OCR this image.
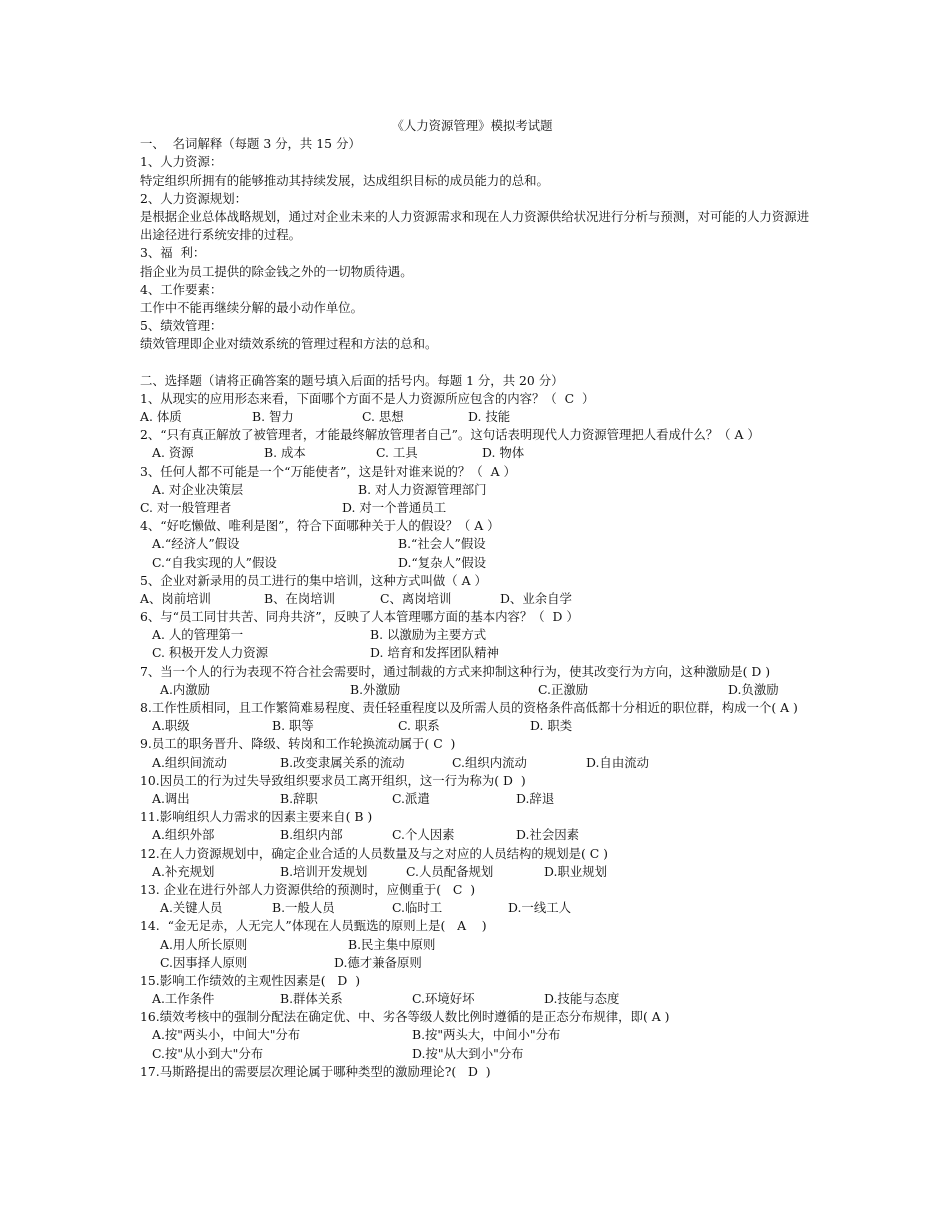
《人力资源管理》模拟考试题
一、  名词解释（每题 3 分，共 15 分）
1、人力资源：
特定组织所拥有的能够推动其持续发展，达成组织目标的成员能力的总和。
2、人力资源规划：
是根据企业总体战略规划，通过对企业未来的人力资源需求和现在人力资源供给状况进行分析与预测，对可能的人力资源进出途径进行系统安排的过程。
3、福  利：
指企业为员工提供的除金钱之外的一切物质待遇。
4、工作要素：
工作中不能再继续分解的最小动作单位。
5、绩效管理：
绩效管理即企业对绩效系统的管理过程和方法的总和。
二、选择题（请将正确答案的题号填入后面的括号内。每题 1 分，共 20 分）
1、从现实的应用形态来看，下面哪个方面不是人力资源所应包含的内容？（  C  ）
A. 体质	B. 智力	C. 思想	D. 技能
2、“只有真正解放了被管理者，才能最终解放管理者自己”。这句话表明现代人力资源管理把人看成什么？（ A ）
A. 资源	B. 成本	C. 工具	D. 物体
3、任何人都不可能是一个“万能使者”，这是针对谁来说的？（  A ）
A. 对企业决策层	B. 对人力资源管理部门
C. 对一般管理者	D. 对一个普通员工
4、“好吃懒做、唯利是图”，符合下面哪种关于人的假设？（ A ）
A.“经济人”假设	B.“社会人”假设
C.“自我实现的人”假设	D.“复杂人”假设
5、企业对新录用的员工进行的集中培训，这种方式叫做（ A ）
A、岗前培训	B、在岗培训	C、离岗培训	D、业余自学
6、与“员工同甘共苦、同舟共济”，反映了人本管理哪方面的基本内容？（  D ）
A. 人的管理第一	B. 以激励为主要方式
C. 积极开发人力资源	D. 培育和发挥团队精神
7、当一个人的行为表现不符合社会需要时，通过制裁的方式来抑制这种行为，使其改变行为方向，这种激励是( D )
A.内激励	B.外激励	C.正激励	D.负激励
8.工作性质相同，且工作繁简难易程度、责任轻重程度以及所需人员的资格条件高低都十分相近的职位群，构成一个( A )
A.职级	B. 职等	C. 职系	D. 职类
9.员工的职务晋升、降级、转岗和工作轮换流动属于( C  )
A.组织间流动	B.改变隶属关系的流动	C.组织内流动	D.自由流动
10.因员工的行为过失导致组织要求员工离开组织，这一行为称为( D  )
A.调出	B.辞职	C.派遣	D.辞退
11.影响组织人力需求的因素主要来自( B )
A.组织外部	B.组织内部	C.个人因素	D.社会因素
12.在人力资源规划中，确定企业合适的人员数量及与之对应的人员结构的规划是( C )
A.补充规划	B.培训开发规划	C.人员配备规划	D.职业规划
13. 企业在进行外部人力资源供给的预测时，应侧重于(   C  )
A.关键人员	B.一般人员	C.临时工	D.一线工人
14.  “金无足赤，人无完人”体现在人员甄选的原则上是(   A    )
A.用人所长原则	B.民主集中原则
C.因事择人原则	D.德才兼备原则
15.影响工作绩效的主观性因素是(   D  )
A.工作条件	B.群体关系	C.环境好坏	D.技能与态度
16.绩效考核中的强制分配法在确定优、中、劣各等级人数比例时遵循的是正态分布规律，即( A )
A.按"两头小，中间大"分布	B.按"两头大，中间小"分布
C.按"从小到大"分布	D.按"从大到小"分布
17.马斯路提出的需要层次理论属于哪种类型的激励理论?(   D  )
